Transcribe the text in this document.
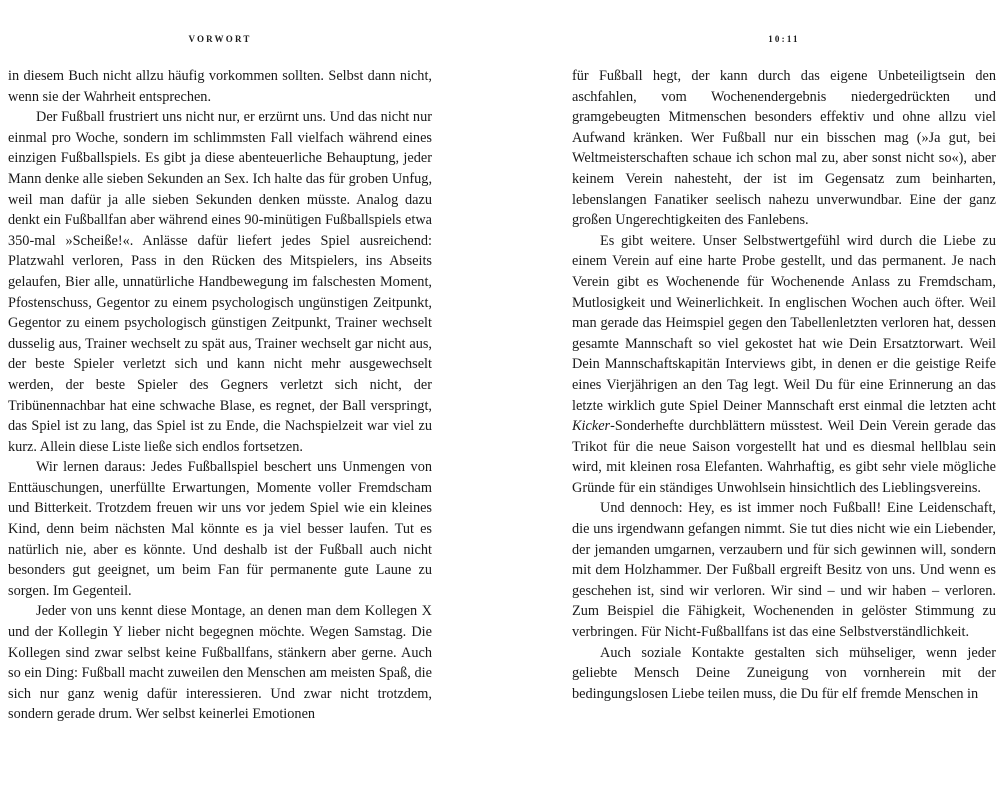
VORWORT

in diesem Buch nicht allzu häufig vorkommen sollten. Selbst dann nicht, wenn sie der Wahrheit entsprechen.

Der Fußball frustriert uns nicht nur, er erzürnt uns. Und das nicht nur einmal pro Woche, sondern im schlimmsten Fall vielfach während eines einzigen Fußballspiels. Es gibt ja diese abenteuerliche Behauptung, jeder Mann denke alle sieben Sekunden an Sex. Ich halte das für groben Unfug, weil man dafür ja alle sieben Sekunden denken müsste. Analog dazu denkt ein Fußballfan aber während eines 90-minütigen Fußballspiels etwa 350-mal »Scheiße!«. Anlässe dafür liefert jedes Spiel ausreichend: Platzwahl verloren, Pass in den Rücken des Mitspielers, ins Abseits gelaufen, Bier alle, unnatürliche Handbewegung im falschesten Moment, Pfostenschuss, Gegentor zu einem psychologisch ungünstigen Zeitpunkt, Gegentor zu einem psychologisch günstigen Zeitpunkt, Trainer wechselt dusselig aus, Trainer wechselt zu spät aus, Trainer wechselt gar nicht aus, der beste Spieler verletzt sich und kann nicht mehr ausgewechselt werden, der beste Spieler des Gegners verletzt sich nicht, der Tribünennachbar hat eine schwache Blase, es regnet, der Ball verspringt, das Spiel ist zu lang, das Spiel ist zu Ende, die Nachspielzeit war viel zu kurz. Allein diese Liste ließe sich endlos fortsetzen.

Wir lernen daraus: Jedes Fußballspiel beschert uns Unmengen von Enttäuschungen, unerfüllte Erwartungen, Momente voller Fremdscham und Bitterkeit. Trotzdem freuen wir uns vor jedem Spiel wie ein kleines Kind, denn beim nächsten Mal könnte es ja viel besser laufen. Tut es natürlich nie, aber es könnte. Und deshalb ist der Fußball auch nicht besonders gut geeignet, um beim Fan für permanente gute Laune zu sorgen. Im Gegenteil.

Jeder von uns kennt diese Montage, an denen man dem Kollegen X und der Kollegin Y lieber nicht begegnen möchte. Wegen Samstag. Die Kollegen sind zwar selbst keine Fußballfans, stänkern aber gerne. Auch so ein Ding: Fußball macht zuweilen den Menschen am meisten Spaß, die sich nur ganz wenig dafür interessieren. Und zwar nicht trotzdem, sondern gerade drum. Wer selbst keinerlei Emotionen

10:11

für Fußball hegt, der kann durch das eigene Unbeteiligtsein den aschfahlen, vom Wochenendergebnis niedergedrückten und gramgebeugten Mitmenschen besonders effektiv und ohne allzu viel Aufwand kränken. Wer Fußball nur ein bisschen mag (»Ja gut, bei Weltmeisterschaften schaue ich schon mal zu, aber sonst nicht so«), aber keinem Verein nahesteht, der ist im Gegensatz zum beinharten, lebenslangen Fanatiker seelisch nahezu unverwundbar. Eine der ganz großen Ungerechtigkeiten des Fanlebens.

Es gibt weitere. Unser Selbstwertgefühl wird durch die Liebe zu einem Verein auf eine harte Probe gestellt, und das permanent. Je nach Verein gibt es Wochenende für Wochenende Anlass zu Fremdscham, Mutlosigkeit und Weinerlichkeit. In englischen Wochen auch öfter. Weil man gerade das Heimspiel gegen den Tabellenletzten verloren hat, dessen gesamte Mannschaft so viel gekostet hat wie Dein Ersatztorwart. Weil Dein Mannschaftskapitän Interviews gibt, in denen er die geistige Reife eines Vierjährigen an den Tag legt. Weil Du für eine Erinnerung an das letzte wirklich gute Spiel Deiner Mannschaft erst einmal die letzten acht Kicker-Sonderhefte durchblättern müsstest. Weil Dein Verein gerade das Trikot für die neue Saison vorgestellt hat und es diesmal hellblau sein wird, mit kleinen rosa Elefanten. Wahrhaftig, es gibt sehr viele mögliche Gründe für ein ständiges Unwohlsein hinsichtlich des Lieblingsvereins.

Und dennoch: Hey, es ist immer noch Fußball! Eine Leidenschaft, die uns irgendwann gefangen nimmt. Sie tut dies nicht wie ein Liebender, der jemanden umgarnen, verzaubern und für sich gewinnen will, sondern mit dem Holzhammer. Der Fußball ergreift Besitz von uns. Und wenn es geschehen ist, sind wir verloren. Wir sind – und wir haben – verloren. Zum Beispiel die Fähigkeit, Wochenenden in gelöster Stimmung zu verbringen. Für Nicht-Fußballfans ist das eine Selbstverständlichkeit.

Auch soziale Kontakte gestalten sich mühseliger, wenn jeder geliebte Mensch Deine Zuneigung von vornherein mit der bedingungslosen Liebe teilen muss, die Du für elf fremde Menschen in
